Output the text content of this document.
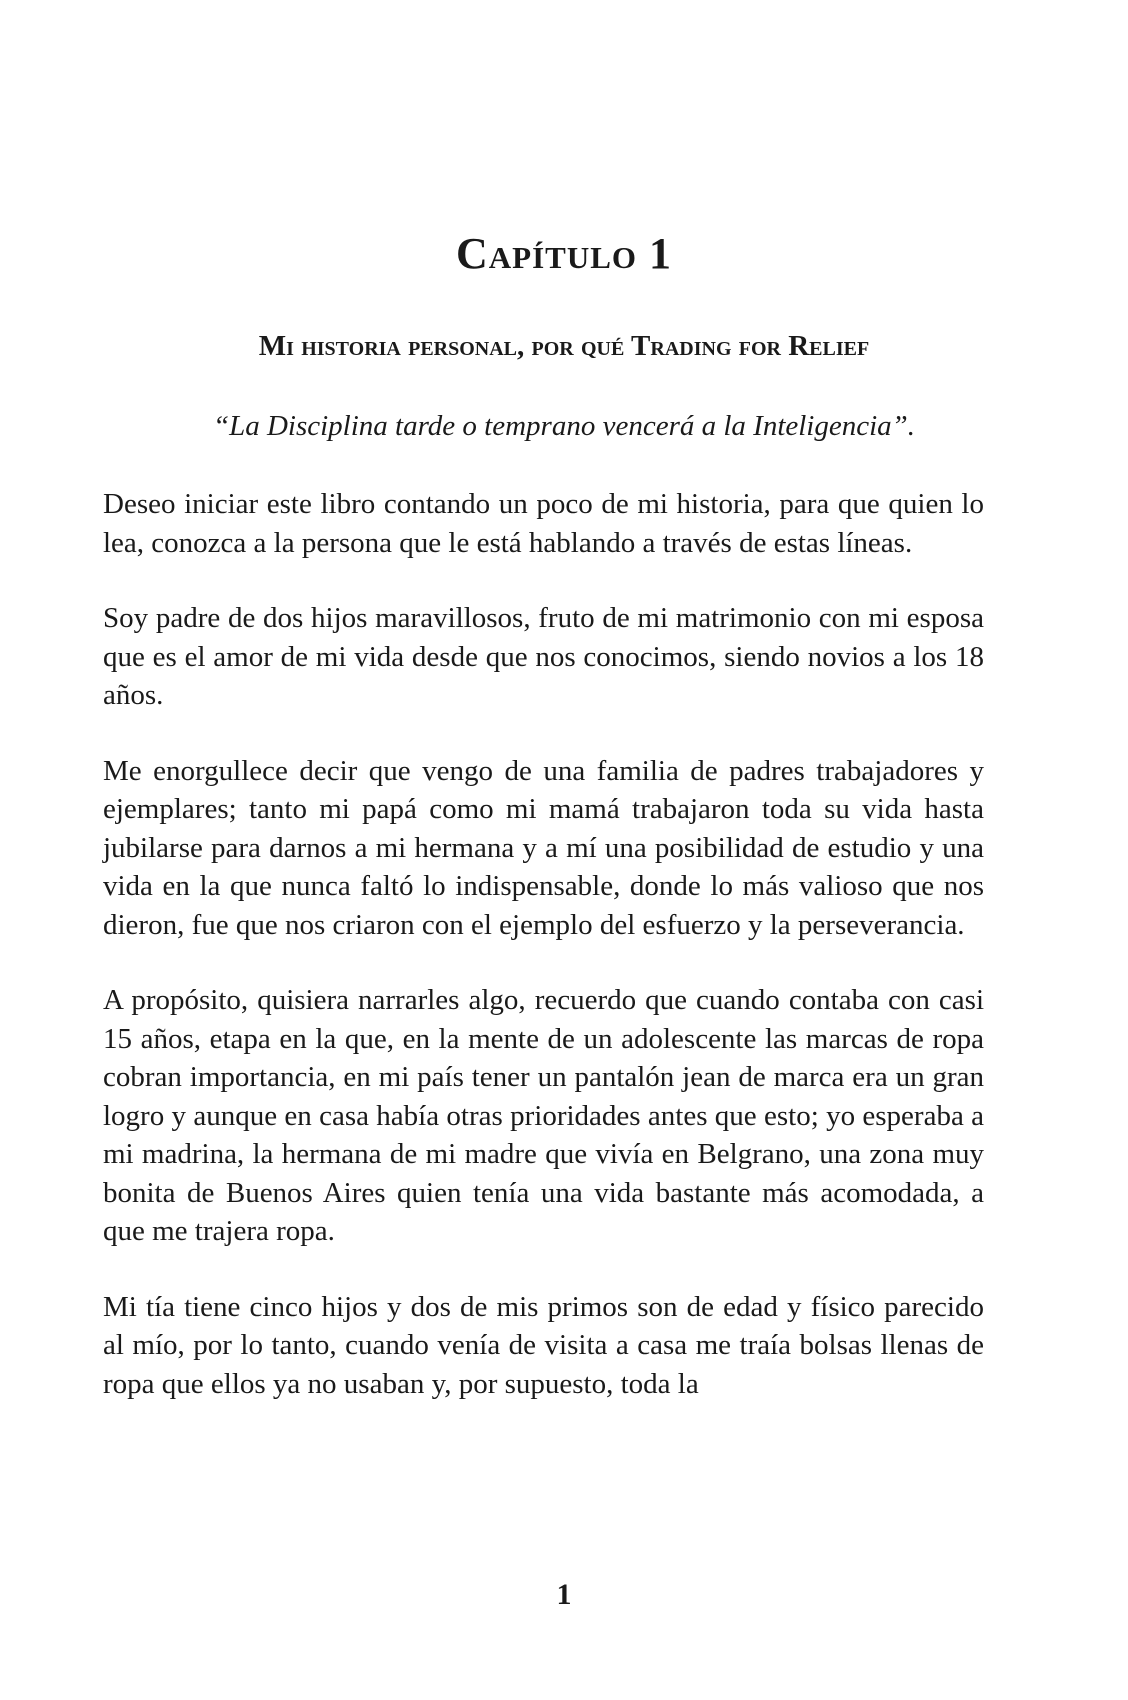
Capítulo 1
Mi historia personal, por qué Trading for Relief

“La Disciplina tarde o temprano vencerá a la Inteligencia”.

Deseo iniciar este libro contando un poco de mi historia, para que quien lo lea, conozca a la persona que le está hablando a través de estas líneas.

Soy padre de dos hijos maravillosos, fruto de mi matrimonio con mi esposa que es el amor de mi vida desde que nos conocimos, siendo novios a los 18 años.

Me enorgullece decir que vengo de una familia de padres trabajadores y ejemplares; tanto mi papá como mi mamá trabajaron toda su vida hasta jubilarse para darnos a mi hermana y a mí una posibilidad de estudio y una vida en la que nunca faltó lo indispensable, donde lo más valioso que nos dieron, fue que nos criaron con el ejemplo del esfuerzo y la perseverancia.

A propósito, quisiera narrarles algo, recuerdo que cuando contaba con casi 15 años, etapa en la que, en la mente de un adolescente las marcas de ropa cobran importancia, en mi país tener un pantalón jean de marca era un gran logro y aunque en casa había otras prioridades antes que esto; yo esperaba a mi madrina, la hermana de mi madre que vivía en Belgrano, una zona muy bonita de Buenos Aires quien tenía una vida bastante más acomodada, a que me trajera ropa.

Mi tía tiene cinco hijos y dos de mis primos son de edad y físico parecido al mío, por lo tanto, cuando venía de visita a casa me traía bolsas llenas de ropa que ellos ya no usaban y, por supuesto, toda la

1
